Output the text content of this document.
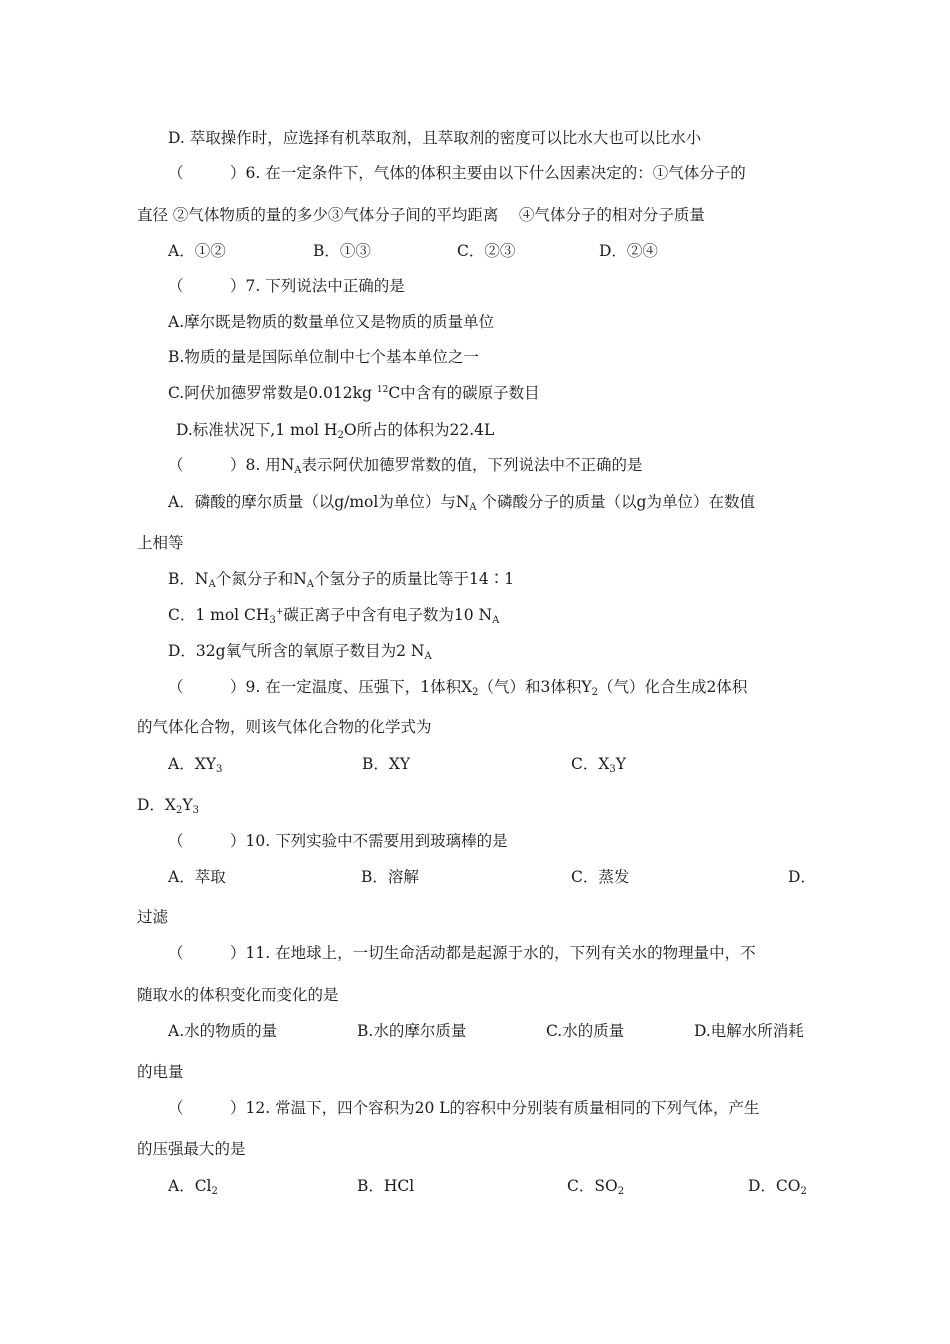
D. 萃取操作时，应选择有机萃取剂，且萃取剂的密度可以比水大也可以比水小
（　　　）6. 在一定条件下，气体的体积主要由以下什么因素决定的：①气体分子的
直径 ②气体物质的量的多少③气体分子间的平均距离　 ④气体分子的相对分子质量
A．①②	B．①③	C．②③	D．②④
（　　　）7. 下列说法中正确的是
A.摩尔既是物质的数量单位又是物质的质量单位
B.物质的量是国际单位制中七个基本单位之一
C.阿伏加德罗常数是0.012kg $^{12}$C中含有的碳原子数目
D.标准状况下,1 mol $H_2O$所占的体积为22.4L
（　　　）8. 用$N_A$表示阿伏加德罗常数的值，下列说法中不正确的是
A．磷酸的摩尔质量（以g/mol为单位）与$N_A$ 个磷酸分子的质量（以g为单位）在数值
上相等
B．$N_A$个氮分子和$N_A$个氢分子的质量比等于14∶1
C．1 mol $CH_3^+$碳正离子中含有电子数为10 $N_A$
D．32g氧气所含的氧原子数目为2 $N_A$
（　　　）9. 在一定温度、压强下，1体积$X_2$（气）和3体积$Y_2$（气）化合生成2体积
的气体化合物，则该气体化合物的化学式为
A．$XY_3$	B．XY	C．$X_3Y$
D．$X_2Y_3$
（　　　）10. 下列实验中不需要用到玻璃棒的是
A．萃取	B．溶解	C．蒸发	D．
过滤
（　　　）11. 在地球上，一切生命活动都是起源于水的，下列有关水的物理量中，不
随取水的体积变化而变化的是
A.水的物质的量	B.水的摩尔质量	C.水的质量	D.电解水所消耗
的电量
（　　　）12. 常温下，四个容积为20 L的容积中分别装有质量相同的下列气体，产生
的压强最大的是
A．$Cl_2$	B．HCl	C．$SO_2$	D．$CO_2$
